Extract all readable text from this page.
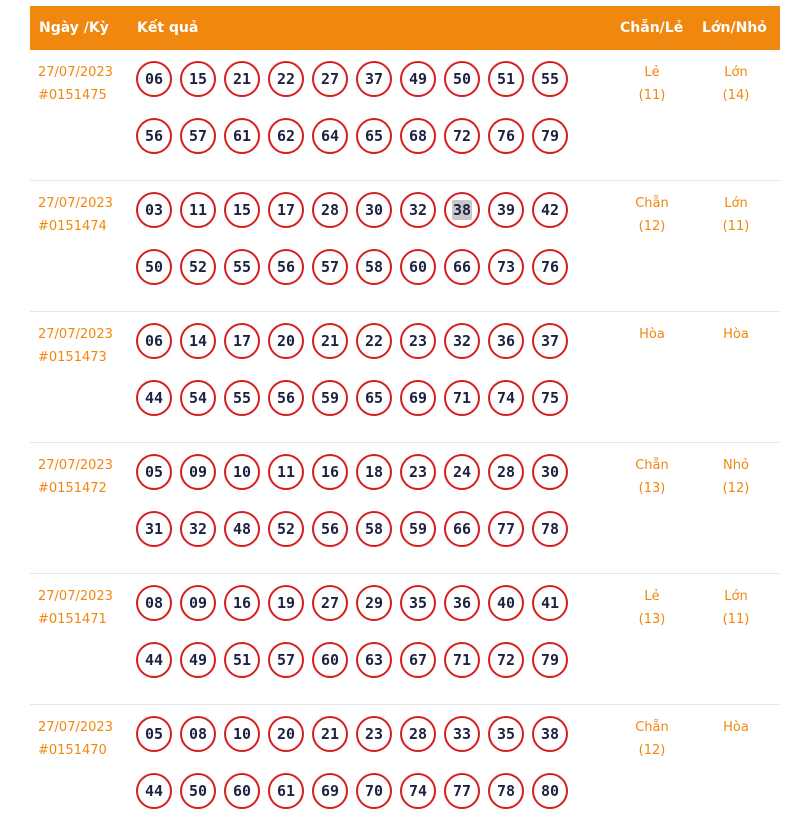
Ngày /Kỳ Kết quả	Chẵn/Lẻ Lớn/Nhỏ
27/07/2023
#0151475
06 15 21 22 27 37 49 50 51 55
56 57 61 62 64 65 68 72 76 79
Lẻ
(11)
Lớn
(14)
27/07/2023
#0151474
03 11 15 17 28 30 32 38 39 42
50 52 55 56 57 58 60 66 73 76
Chẵn
(12)
Lớn
(11)
27/07/2023
#0151473
06 14 17 20 21 22 23 32 36 37
44 54 55 56 59 65 69 71 74 75
Hòa	Hòa
27/07/2023
#0151472
05 09 10 11 16 18 23 24 28 30
31 32 48 52 56 58 59 66 77 78
Chẵn
(13)
Nhỏ
(12)
27/07/2023
#0151471
08 09 16 19 27 29 35 36 40 41
44 49 51 57 60 63 67 71 72 79
Lẻ
(13)
Lớn
(11)
27/07/2023
#0151470
05 08 10 20 21 23 28 33 35 38
44 50 60 61 69 70 74 77 78 80
Chẵn
(12)
Hòa
